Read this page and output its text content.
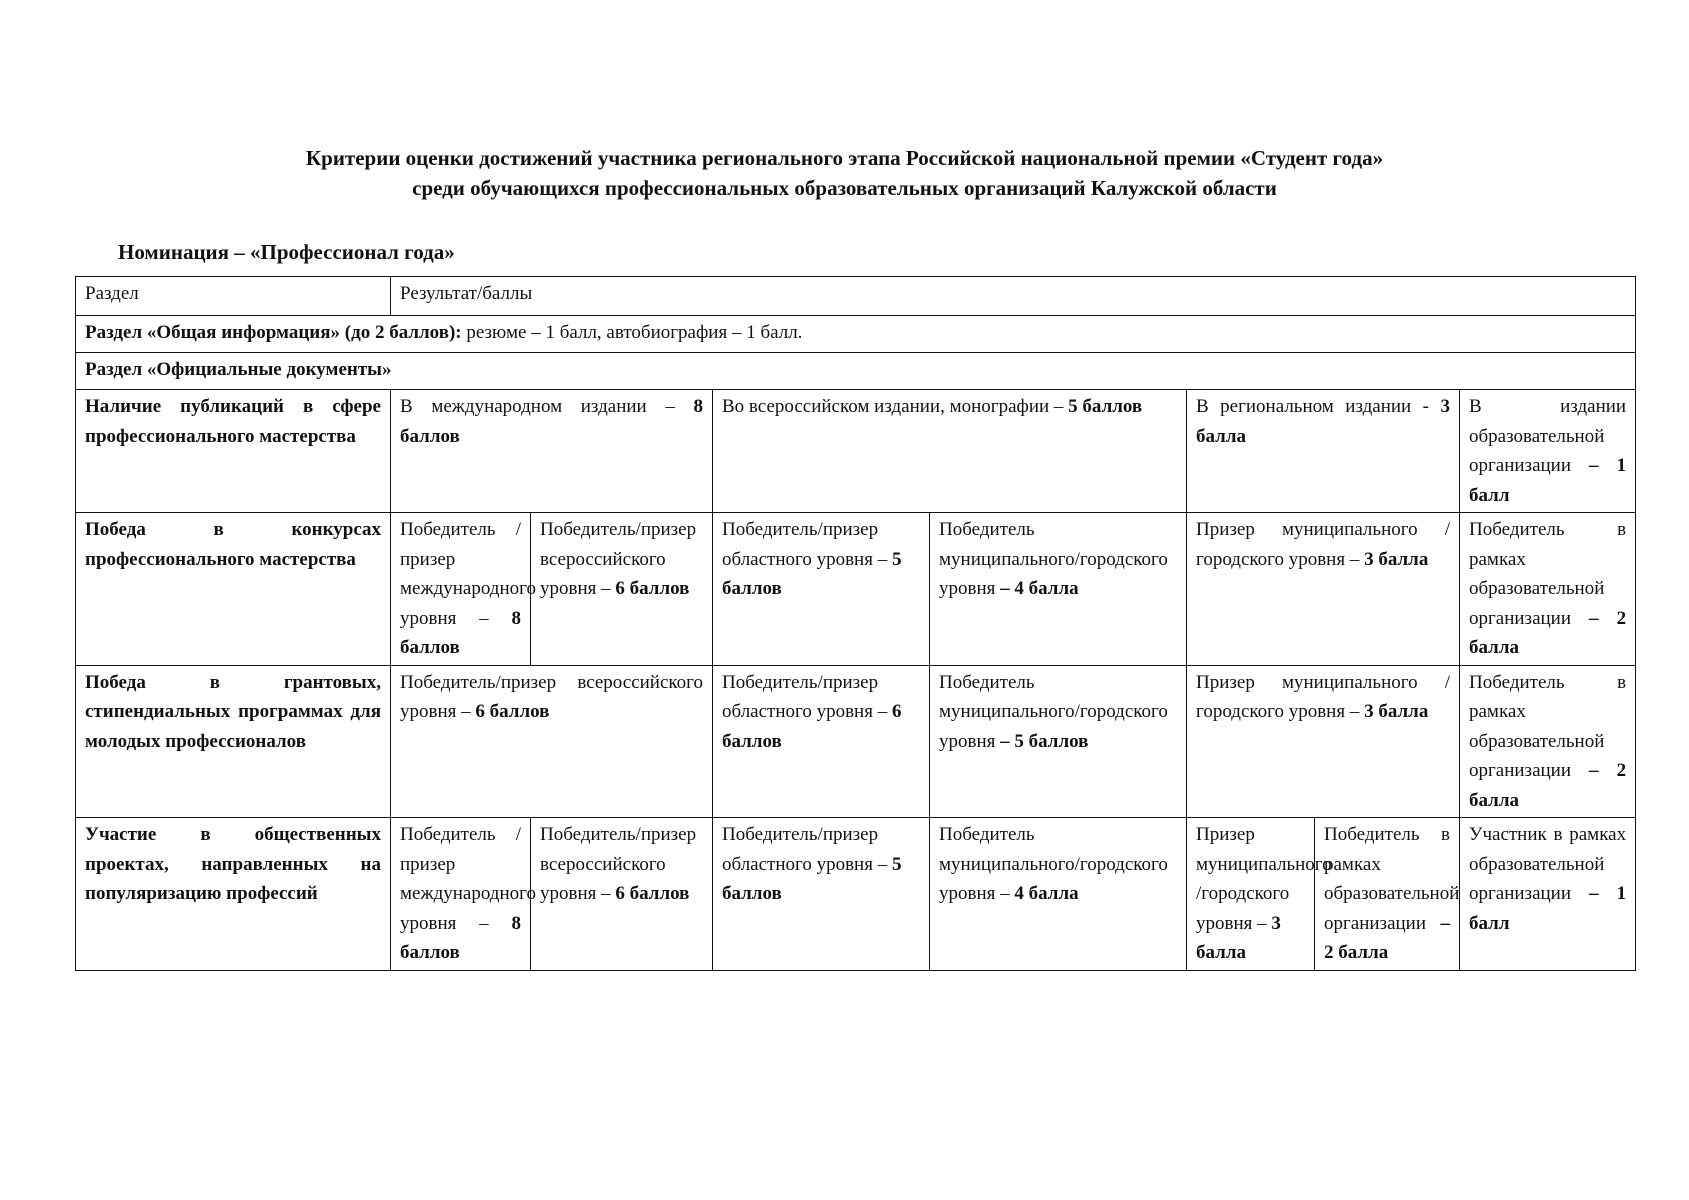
Критерии оценки достижений участника регионального этапа Российской национальной премии «Студент года»
среди обучающихся профессиональных образовательных организаций Калужской области
Номинация – «Профессионал года»
Раздел	Результат/баллы						
Раздел «Общая информация» (до 2 баллов): резюме – 1 балл, автобиография – 1 балл.							
Раздел «Официальные документы»							
Наличие публикаций в сфере профессионального мастерства	В международном издании – 8 баллов		Во всероссийском издании, монографии – 5 баллов		В региональном издании - 3 балла		В издании образовательной организации – 1 балл
Победа в конкурсах профессионального мастерства	Победитель /призер международного уровня – 8 баллов	Победитель/призер всероссийского уровня – 6 баллов	Победитель/призер областного уровня – 5 баллов	Победитель муниципального/городского уровня – 4 балла	Призер муниципального /городского уровня – 3 балла		Победитель в рамках образовательной организации – 2 балла
Победа в грантовых, стипендиальных программах для молодых профессионалов	Победитель/призер всероссийского уровня – 6 баллов		Победитель/призер областного уровня – 6 баллов	Победитель муниципального/городского уровня – 5 баллов	Призер муниципального /городского уровня – 3 балла		Победитель в рамках образовательной организации – 2 балла
Участие в общественных проектах, направленных на популяризацию профессий	Победитель /призер международного уровня – 8 баллов	Победитель/призер всероссийского уровня – 6 баллов	Победитель/призер областного уровня – 5 баллов	Победитель муниципального/городского уровня – 4 балла	Призер муниципального /городского уровня – 3 балла	Победитель в рамках образовательной организации – 2 балла	Участник в рамках образовательной организации – 1 балл
